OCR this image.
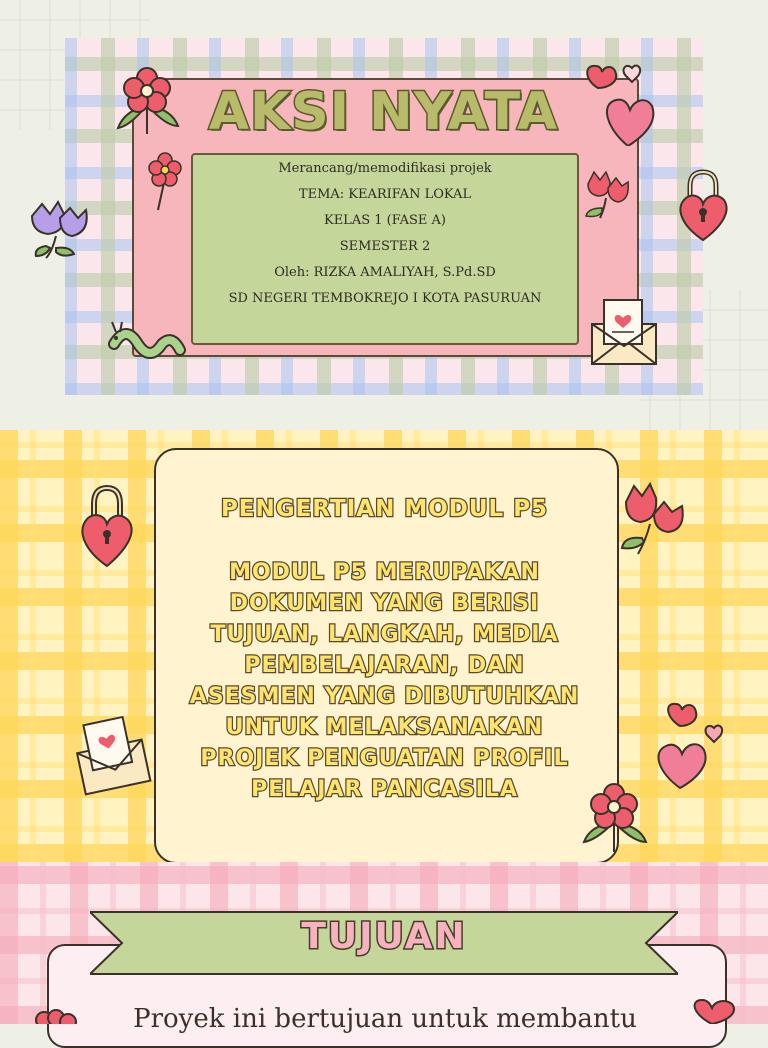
AKSI NYATA
Merancang/memodifikasi projek
TEMA: KEARIFAN LOKAL
KELAS 1 (FASE A)
SEMESTER 2
Oleh: RIZKA AMALIYAH, S.Pd.SD
SD NEGERI TEMBOKREJO I KOTA PASURUAN
PENGERTIAN MODUL P5
MODUL P5 MERUPAKAN
DOKUMEN YANG BERISI
TUJUAN, LANGKAH, MEDIA
PEMBELAJARAN, DAN
ASESMEN YANG DIBUTUHKAN
UNTUK MELAKSANAKAN
PROJEK PENGUATAN PROFIL
PELAJAR PANCASILA
TUJUAN
Proyek ini bertujuan untuk membantu
